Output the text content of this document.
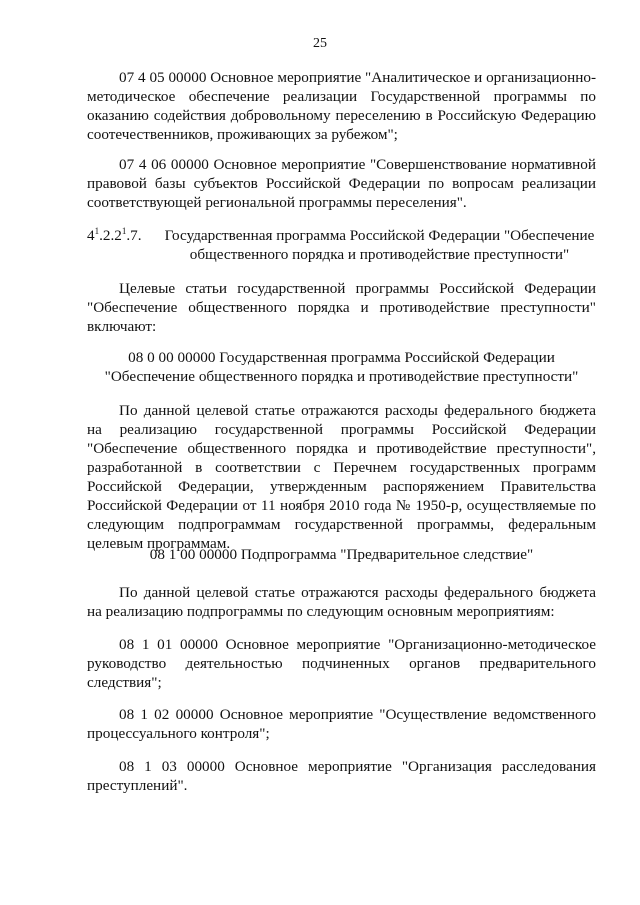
25

07 4 05 00000 Основное мероприятие "Аналитическое и организационно-методическое обеспечение реализации Государственной программы по оказанию содействия добровольному переселению в Российскую Федерацию соотечественников, проживающих за рубежом";

07 4 06 00000 Основное мероприятие "Совершенствование нормативной правовой базы субъектов Российской Федерации по вопросам реализации соответствующей региональной программы переселения".

$4^1.2.2^1.7$.	Государственная программа Российской Федерации "Обеспечение общественного порядка и противодействие преступности"

Целевые статьи государственной программы Российской Федерации "Обеспечение общественного порядка и противодействие преступности" включают:

08 0 00 00000 Государственная программа Российской Федерации

"Обеспечение общественного порядка и противодействие преступности"

По данной целевой статье отражаются расходы федерального бюджета на реализацию государственной программы Российской Федерации "Обеспечение общественного порядка и противодействие преступности", разработанной в соответствии с Перечнем государственных программ Российской Федерации, утвержденным распоряжением Правительства Российской Федерации от 11 ноября 2010 года № 1950-р, осуществляемые по следующим подпрограммам государственной программы, федеральным целевым программам.

08 1 00 00000 Подпрограмма "Предварительное следствие"

По данной целевой статье отражаются расходы федерального бюджета на реализацию подпрограммы по следующим основным мероприятиям:

08 1 01 00000 Основное мероприятие "Организационно-методическое руководство деятельностью подчиненных органов предварительного следствия";

08 1 02 00000 Основное мероприятие "Осуществление ведомственного процессуального контроля";

08 1 03 00000 Основное мероприятие "Организация расследования преступлений".
